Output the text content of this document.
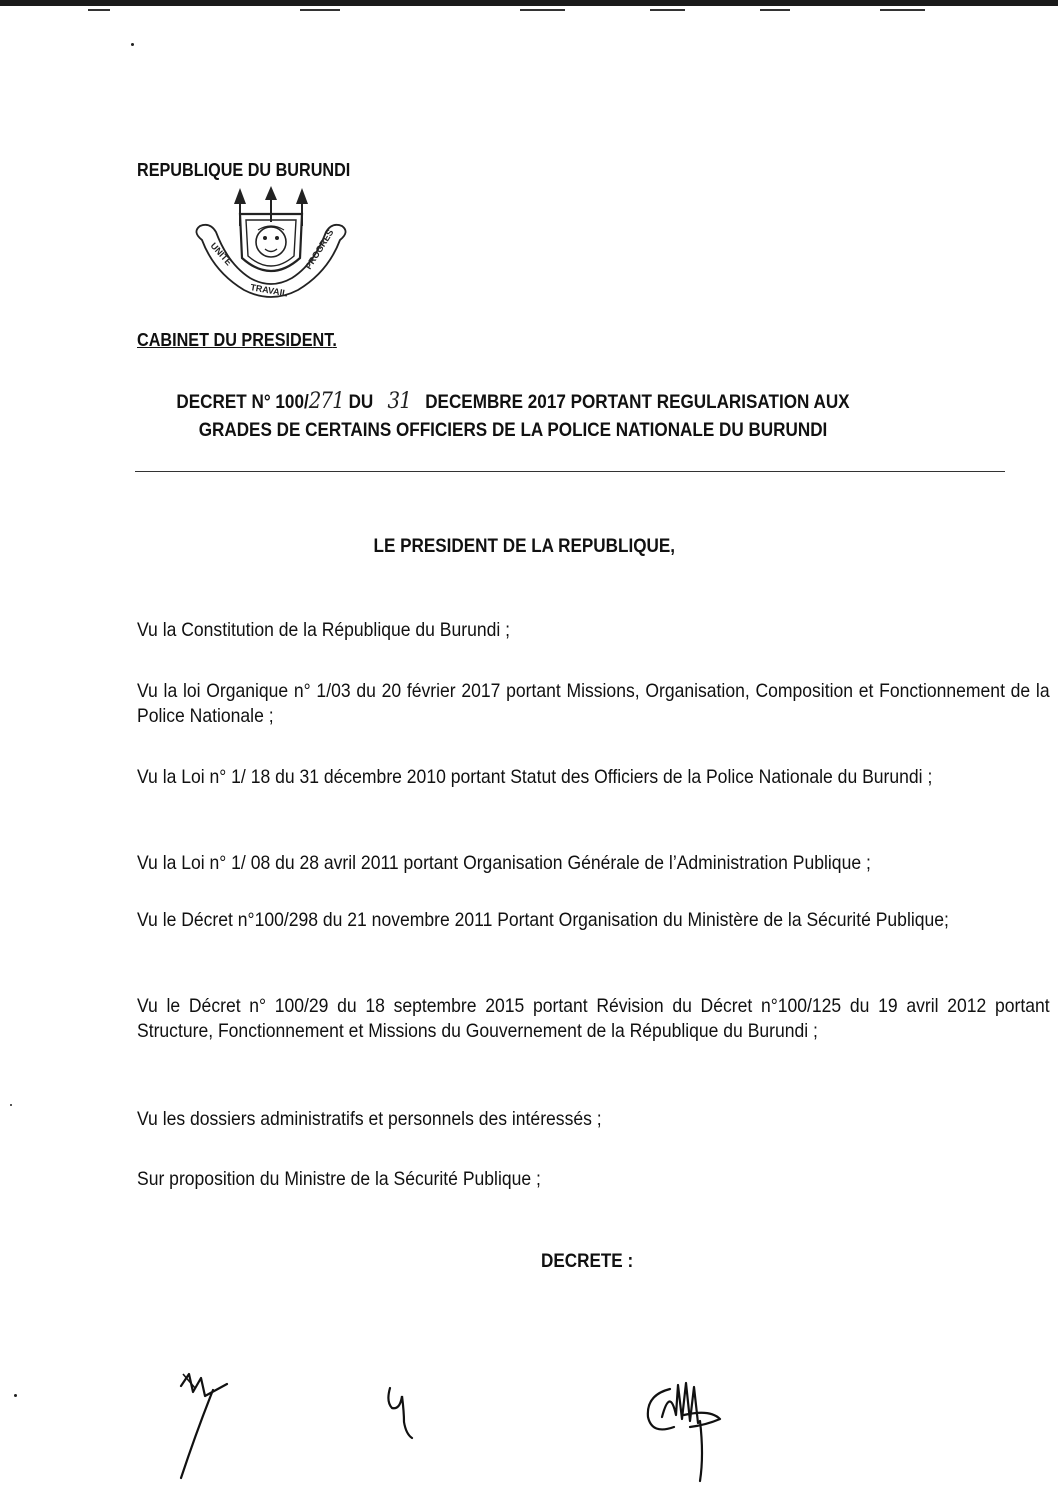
REPUBLIQUE DU BURUNDI
UNITE
TRAVAIL
PROGRES
CABINET DU PRESIDENT.
DECRET N° 100/271 DU 31 DECEMBRE 2017 PORTANT REGULARISATION AUX
GRADES DE CERTAINS OFFICIERS DE LA POLICE NATIONALE DU BURUNDI
LE PRESIDENT DE LA REPUBLIQUE,

Vu la Constitution de la République du Burundi ;

Vu la loi Organique n° 1/03 du 20 février 2017 portant Missions, Organisation, Composition et Fonctionnement de la Police Nationale ;

Vu la Loi n° 1/ 18 du 31 décembre 2010 portant Statut des Officiers de la Police Nationale du Burundi ;

Vu la Loi n° 1/ 08 du 28 avril 2011 portant Organisation Générale de l’Administration Publique ;

Vu le Décret n°100/298 du 21 novembre 2011 Portant Organisation du Ministère de la Sécurité Publique;

Vu le Décret n° 100/29 du 18 septembre 2015 portant Révision du Décret n°100/125 du 19 avril 2012 portant Structure, Fonctionnement et Missions du Gouvernement de la République du Burundi ;

Vu les dossiers administratifs et personnels des intéressés ;

Sur proposition du Ministre de la Sécurité Publique ;

DECRETE :
